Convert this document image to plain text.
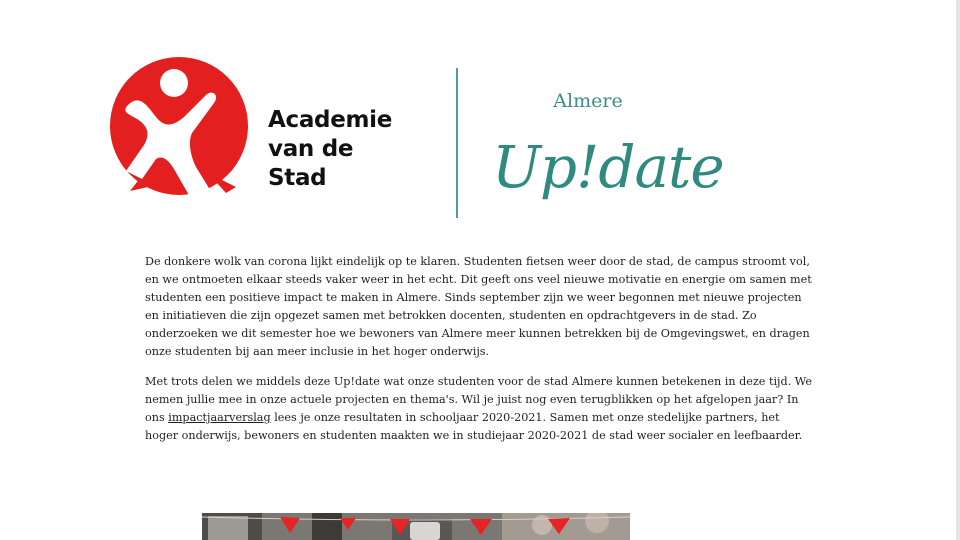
Academie
van de
Stad
Almere
Up!date

De donkere wolk van corona lijkt eindelijk op te klaren. Studenten fietsen weer door de stad, de campus stroomt vol, en we ontmoeten elkaar steeds vaker weer in het echt. Dit geeft ons veel nieuwe motivatie en energie om samen met studenten een positieve impact te maken in Almere. Sinds september zijn we weer begonnen met nieuwe projecten en initiatieven die zijn opgezet samen met betrokken docenten, studenten en opdrachtgevers in de stad. Zo onderzoeken we dit semester hoe we bewoners van Almere meer kunnen betrekken bij de Omgevingswet, en dragen onze studenten bij aan meer inclusie in het hoger onderwijs.

Met trots delen we middels deze Up!date wat onze studenten voor de stad Almere kunnen betekenen in deze tijd. We nemen jullie mee in onze actuele projecten en thema's. Wil je juist nog even terugblikken op het afgelopen jaar? In ons impactjaarverslag lees je onze resultaten in schooljaar 2020-2021. Samen met onze stedelijke partners, het hoger onderwijs, bewoners en studenten maakten we in studiejaar 2020-2021 de stad weer socialer en leefbaarder.
